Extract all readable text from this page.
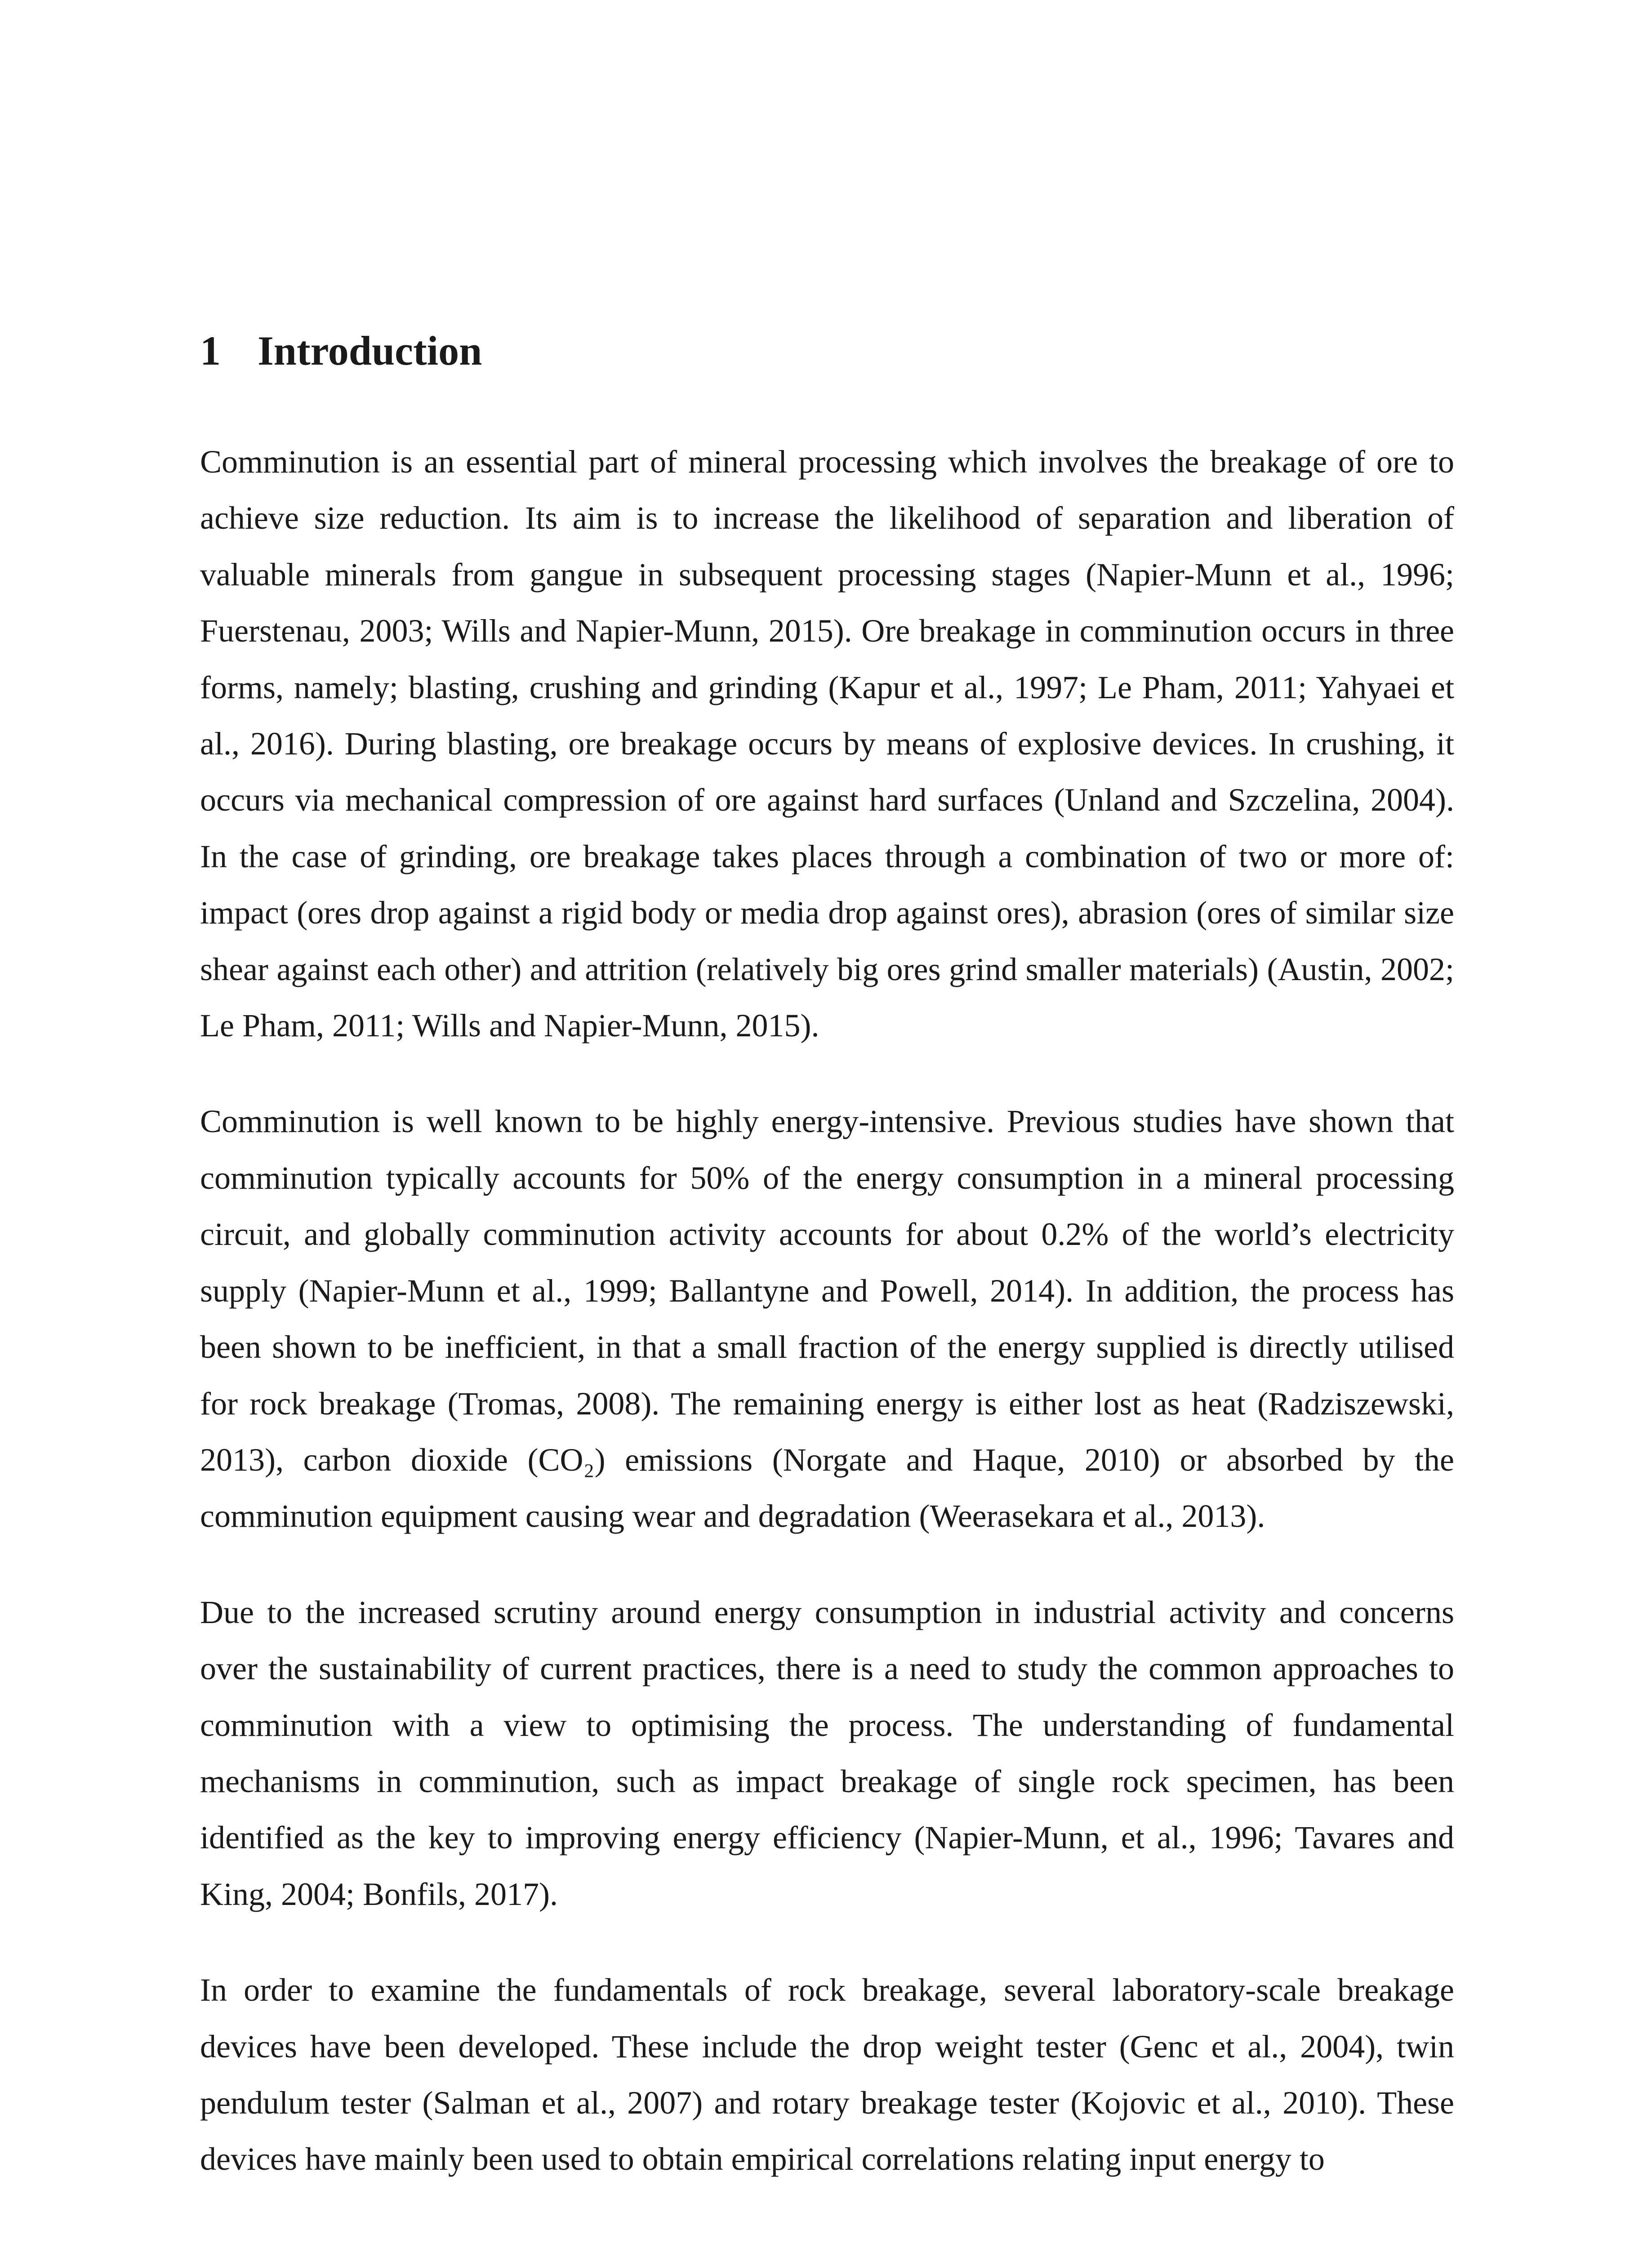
1 Introduction

Comminution is an essential part of mineral processing which involves the breakage of ore to achieve size reduction. Its aim is to increase the likelihood of separation and liberation of valuable minerals from gangue in subsequent processing stages (Napier-Munn et al., 1996; Fuerstenau, 2003; Wills and Napier-Munn, 2015). Ore breakage in comminution occurs in three forms, namely; blasting, crushing and grinding (Kapur et al., 1997; Le Pham, 2011; Yahyaei et al., 2016). During blasting, ore breakage occurs by means of explosive devices. In crushing, it occurs via mechanical compression of ore against hard surfaces (Unland and Szczelina, 2004). In the case of grinding, ore breakage takes places through a combination of two or more of: impact (ores drop against a rigid body or media drop against ores), abrasion (ores of similar size shear against each other) and attrition (relatively big ores grind smaller materials) (Austin, 2002; Le Pham, 2011; Wills and Napier-Munn, 2015).

Comminution is well known to be highly energy-intensive. Previous studies have shown that comminution typically accounts for 50% of the energy consumption in a mineral processing circuit, and globally comminution activity accounts for about 0.2% of the world’s electricity supply (Napier-Munn et al., 1999; Ballantyne and Powell, 2014). In addition, the process has been shown to be inefficient, in that a small fraction of the energy supplied is directly utilised for rock breakage (Tromas, 2008). The remaining energy is either lost as heat (Radziszewski, 2013), carbon dioxide (CO₂) emissions (Norgate and Haque, 2010) or absorbed by the comminution equipment causing wear and degradation (Weerasekara et al., 2013).

Due to the increased scrutiny around energy consumption in industrial activity and concerns over the sustainability of current practices, there is a need to study the common approaches to comminution with a view to optimising the process. The understanding of fundamental mechanisms in comminution, such as impact breakage of single rock specimen, has been identified as the key to improving energy efficiency (Napier-Munn, et al., 1996; Tavares and King, 2004; Bonfils, 2017).

In order to examine the fundamentals of rock breakage, several laboratory-scale breakage devices have been developed. These include the drop weight tester (Genc et al., 2004), twin pendulum tester (Salman et al., 2007) and rotary breakage tester (Kojovic et al., 2010). These devices have mainly been used to obtain empirical correlations relating input energy to
